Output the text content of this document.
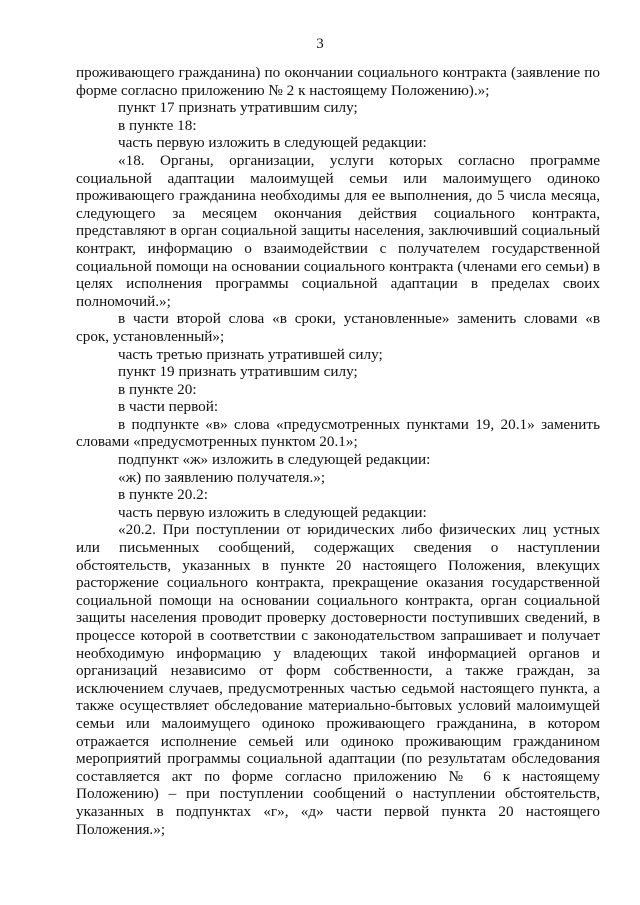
3

проживающего гражданина) по окончании социального контракта (заявление по форме согласно приложению № 2 к настоящему Положению).»;

пункт 17 признать утратившим силу;

в пункте 18:

часть первую изложить в следующей редакции:

«18. Органы, организации, услуги которых согласно программе социальной адаптации малоимущей семьи или малоимущего одиноко проживающего гражданина необходимы для ее выполнения, до 5 числа месяца, следующего за месяцем окончания действия социального контракта, представляют в орган социальной защиты населения, заключивший социальный контракт, информацию о взаимодействии с получателем государственной социальной помощи на основании социального контракта (членами его семьи) в целях исполнения программы социальной адаптации в пределах своих полномочий.»;

в части второй слова «в сроки, установленные» заменить словами «в срок, установленный»;

часть третью признать утратившей силу;

пункт 19 признать утратившим силу;

в пункте 20:

в части первой:

в подпункте «в» слова «предусмотренных пунктами 19, 20.1» заменить словами «предусмотренных пунктом 20.1»;

подпункт «ж» изложить в следующей редакции:

«ж) по заявлению получателя.»;

в пункте 20.2:

часть первую изложить в следующей редакции:

«20.2. При поступлении от юридических либо физических лиц устных или письменных сообщений, содержащих сведения о наступлении обстоятельств, указанных в пункте 20 настоящего Положения, влекущих расторжение социального контракта, прекращение оказания государственной социальной помощи на основании социального контракта, орган социальной защиты населения проводит проверку достоверности поступивших сведений, в процессе которой в соответствии с законодательством запрашивает и получает необходимую информацию у владеющих такой информацией органов и организаций независимо от форм собственности, а также граждан, за исключением случаев, предусмотренных частью седьмой настоящего пункта, а также осуществляет обследование материально-бытовых условий малоимущей семьи или малоимущего одиноко проживающего гражданина, в котором отражается исполнение семьей или одиноко проживающим гражданином мероприятий программы социальной адаптации (по результатам обследования составляется акт по форме согласно приложению № 6 к настоящему Положению) – при поступлении сообщений о наступлении обстоятельств, указанных в подпунктах «г», «д» части первой пункта 20 настоящего Положения.»;
